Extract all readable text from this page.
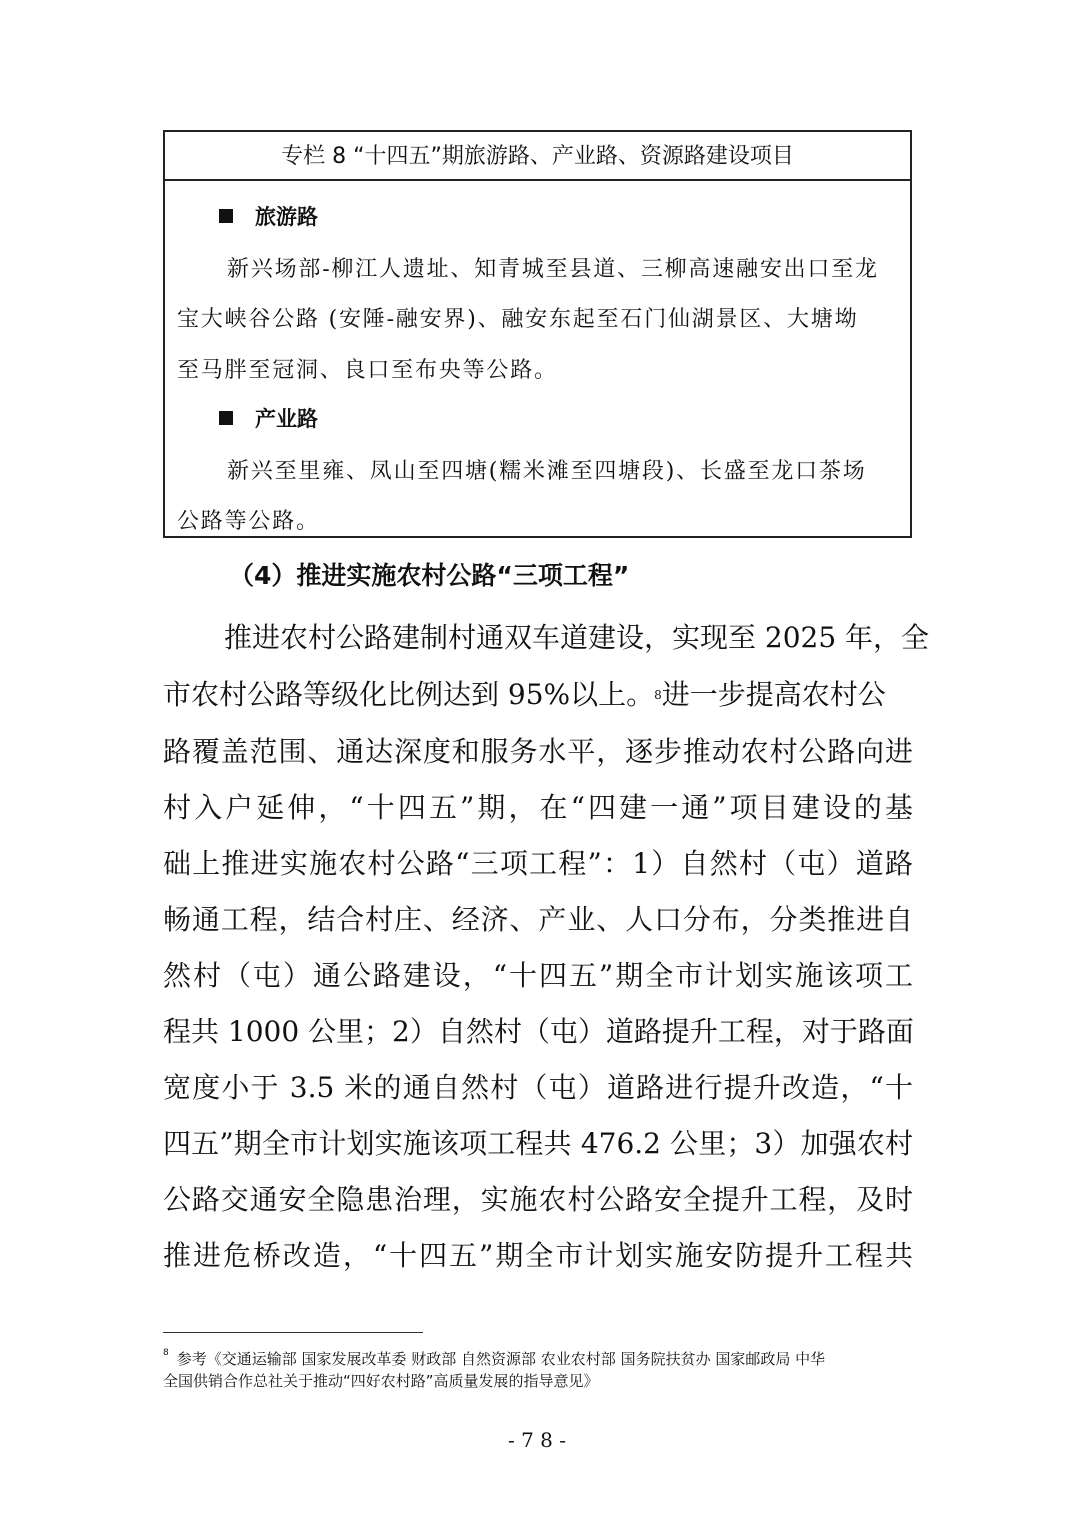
专栏 8 “十四五”期旅游路、产业路、资源路建设项目
旅游路
新兴场部-柳江人遗址、知青城至县道、三柳高速融安出口至龙
宝大峡谷公路 (安陲-融安界)、融安东起至石门仙湖景区、大塘坳
至马胖至冠洞、良口至布央等公路。
产业路
新兴至里雍、凤山至四塘(糯米滩至四塘段)、长盛至龙口茶场
公路等公路。
（4）推进实施农村公路“三项工程”
推进农村公路建制村通双车道建设，实现至 2025 年，全
市农村公路等级化比例达到 95%以上。$^8$进一步提高农村公
路覆盖范围、通达深度和服务水平，逐步推动农村公路向进
村入户延伸，“十四五”期，在“四建一通”项目建设的基
础上推进实施农村公路“三项工程”：1）自然村（屯）道路
畅通工程，结合村庄、经济、产业、人口分布，分类推进自
然村（屯）通公路建设，“十四五”期全市计划实施该项工
程共 1000 公里；2）自然村（屯）道路提升工程，对于路面
宽度小于 3.5 米的通自然村（屯）道路进行提升改造，“十
四五”期全市计划实施该项工程共 476.2 公里；3）加强农村
公路交通安全隐患治理，实施农村公路安全提升工程，及时
推进危桥改造，“十四五”期全市计划实施安防提升工程共
$^8$ 参考《交通运输部 国家发展改革委 财政部 自然资源部 农业农村部 国务院扶贫办 国家邮政局 中华
全国供销合作总社关于推动“四好农村路”高质量发展的指导意见》
- 7 8 -
